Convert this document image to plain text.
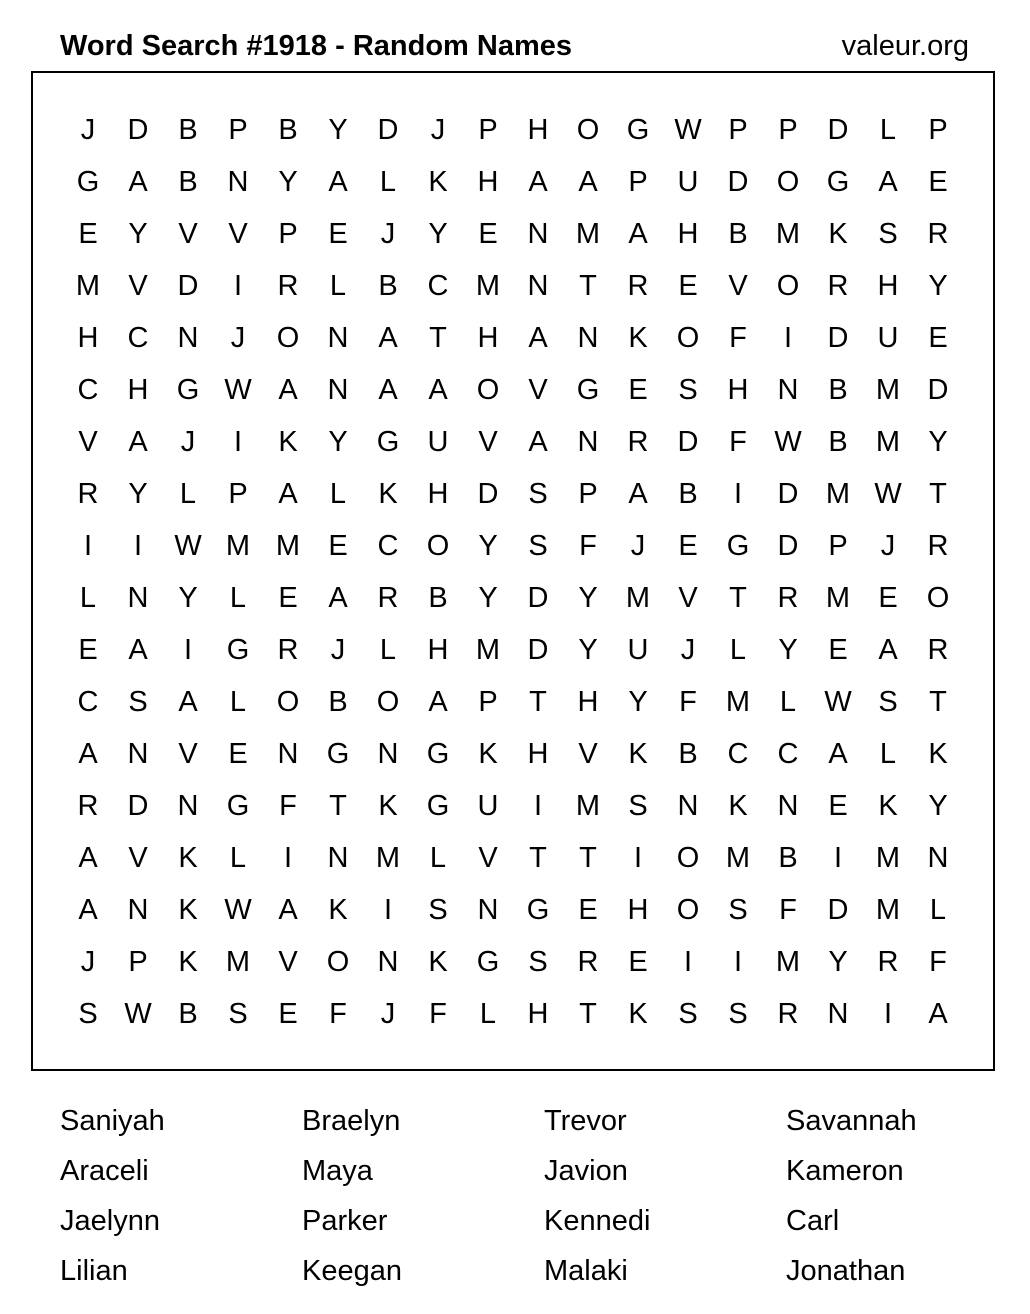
Word Search #1918 - Random Names	valeur.org
J	D	B	P	B	Y	D	J	P	H O G W P	P	D	L	P
G	A	B	N	Y	A	L	K	H	A	A	P	U	D O G	A	E
E	Y	V	V	P	E	J	Y	E	N M A	H	B M K	S	R
M V	D	I	R	L	B	C M N	T	R	E	V	O R	H	Y
H	C	N	J	O N	A	T	H	A	N	K	O	F	I	D	U	E
C	H G W A	N	A	A	O	V	G	E	S	H	N	B M D
V	A	J	I	K	Y	G U	V	A	N	R	D	F W B M Y
R	Y	L	P	A	L	K	H	D	S	P	A	B	I	D M W T
I	I	W M M E	C O	Y	S	F	J	E	G D	P	J	R
L	N	Y	L	E	A	R	B	Y	D	Y M V	T	R M E	O
E	A	I	G R	J	L	H M D	Y	U	J	L	Y	E	A	R
C	S	A	L	O	B	O	A	P	T	H	Y	F	M	L W S	T
A	N	V	E	N G N G	K	H	V	K	B	C	C	A	L	K
R	D	N G	F	T	K	G U	I	M S	N	K	N	E	K	Y
A	V	K	L	I	N M	L	V	T	T	I	O M B	I	M N
A	N	K W A	K	I	S	N G	E	H O	S	F	D M	L
J	P	K M V	O N	K	G	S	R	E	I	I	M Y	R	F
S W B	S	E	F	J	F	L	H	T	K	S	S	R	N	I	A
Saniyah	Braelyn	Trevor	Savannah
Araceli	Maya	Javion	Kameron
Jaelynn	Parker	Kennedi	Carl
Lilian	Keegan	Malaki	Jonathan
